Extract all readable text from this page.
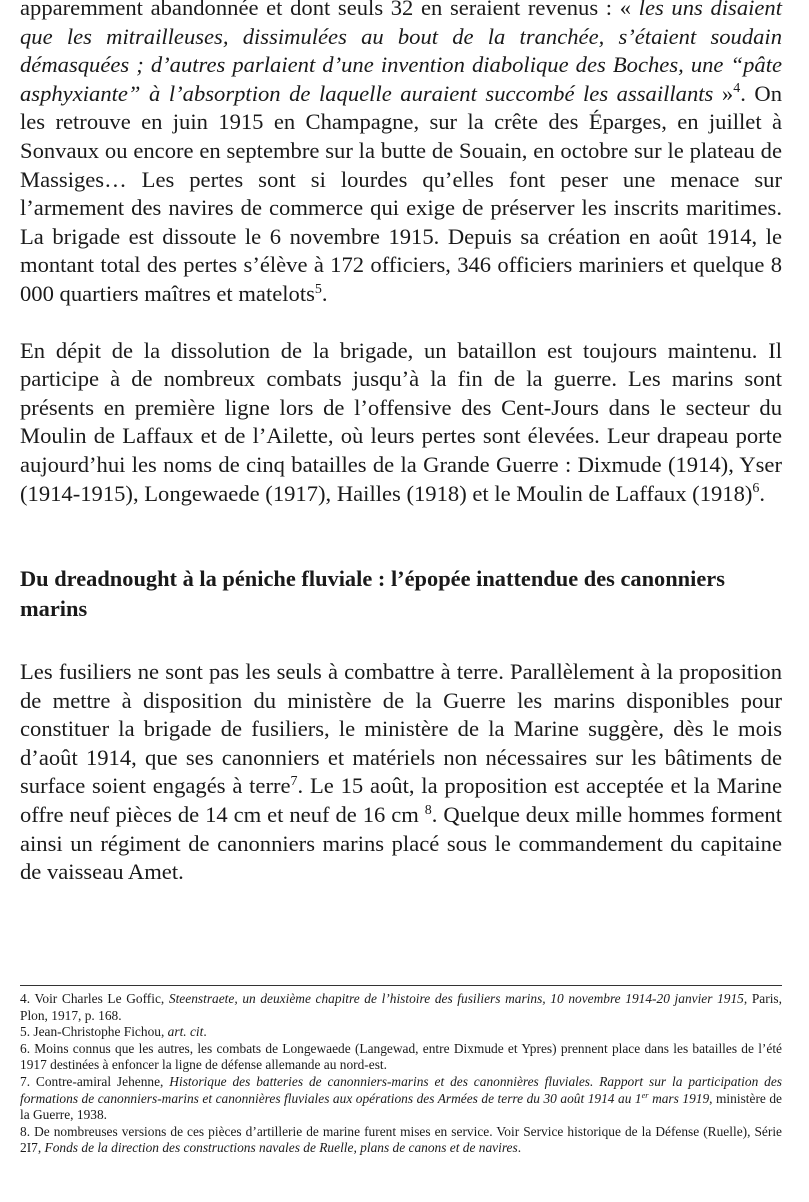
apparemment abandonnée et dont seuls 32 en seraient revenus : « les uns disaient que les mitrailleuses, dissimulées au bout de la tranchée, s’étaient soudain démasquées ; d’autres parlaient d’une invention diabolique des Boches, une “pâte asphyxiante” à l’absorption de laquelle auraient succombé les assaillants »$^4$. On les retrouve en juin 1915 en Champagne, sur la crête des Éparges, en juillet à Sonvaux ou encore en septembre sur la butte de Souain, en octobre sur le plateau de Massiges… Les pertes sont si lourdes qu’elles font peser une menace sur l’armement des navires de commerce qui exige de préserver les inscrits maritimes. La brigade est dissoute le 6 novembre 1915. Depuis sa création en août 1914, le montant total des pertes s’élève à 172 officiers, 346 officiers mariniers et quelque 8 000 quartiers maîtres et matelots$^5$.

En dépit de la dissolution de la brigade, un bataillon est toujours maintenu. Il participe à de nombreux combats jusqu’à la fin de la guerre. Les marins sont présents en première ligne lors de l’offensive des Cent-Jours dans le secteur du Moulin de Laffaux et de l’Ailette, où leurs pertes sont élevées. Leur drapeau porte aujourd’hui les noms de cinq batailles de la Grande Guerre : Dixmude (1914), Yser (1914-1915), Longewaede (1917), Hailles (1918) et le Moulin de Laffaux $(1918)^6$.

Du dreadnought à la péniche fluviale : l’épopée inattendue des canonniers marins

Les fusiliers ne sont pas les seuls à combattre à terre. Parallèlement à la proposition de mettre à disposition du ministère de la Guerre les marins disponibles pour constituer la brigade de fusiliers, le ministère de la Marine suggère, dès le mois d’août 1914, que ses canonniers et matériels non nécessaires sur les bâtiments de surface soient engagés à terre$^7$. Le 15 août, la proposition est acceptée et la Marine offre neuf pièces de 14 cm et neuf de 16 cm $^8$. Quelque deux mille hommes forment ainsi un régiment de canonniers marins placé sous le commandement du capitaine de vaisseau Amet.

4. Voir Charles Le Goffic, Steenstraete, un deuxième chapitre de l’histoire des fusiliers marins, 10 novembre 1914-20 janvier 1915, Paris, Plon, 1917, p. 168.

5. Jean-Christophe Fichou, art. cit.

6. Moins connus que les autres, les combats de Longewaede (Langewad, entre Dixmude et Ypres) prennent place dans les batailles de l’été 1917 destinées à enfoncer la ligne de défense allemande au nord-est.

7. Contre-amiral Jehenne, Historique des batteries de canonniers-marins et des canonnières fluviales. Rapport sur la participation des formations de canonniers-marins et canonnières fluviales aux opérations des Armées de terre du 30 août 1914 au 1er mars 1919, ministère de la Guerre, 1938.

8. De nombreuses versions de ces pièces d’artillerie de marine furent mises en service. Voir Service historique de la Défense (Ruelle), Série 2I7, Fonds de la direction des constructions navales de Ruelle, plans de canons et de navires.
